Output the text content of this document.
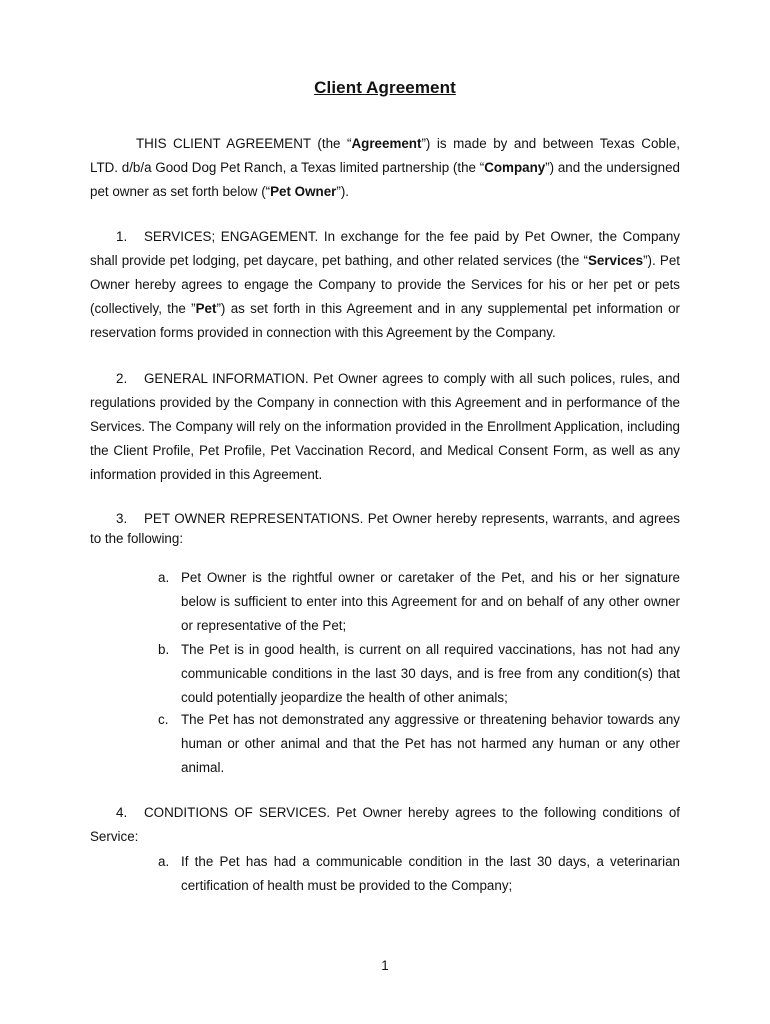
Client Agreement
THIS CLIENT AGREEMENT (the “Agreement”) is made by and between Texas Coble, LTD. d/b/a Good Dog Pet Ranch, a Texas limited partnership (the “Company”) and the undersigned pet owner as set forth below (“Pet Owner”).
1. SERVICES; ENGAGEMENT. In exchange for the fee paid by Pet Owner, the Company shall provide pet lodging, pet daycare, pet bathing, and other related services (the “Services”). Pet Owner hereby agrees to engage the Company to provide the Services for his or her pet or pets (collectively, the ”Pet”) as set forth in this Agreement and in any supplemental pet information or reservation forms provided in connection with this Agreement by the Company.
2. GENERAL INFORMATION. Pet Owner agrees to comply with all such polices, rules, and regulations provided by the Company in connection with this Agreement and in performance of the Services. The Company will rely on the information provided in the Enrollment Application, including the Client Profile, Pet Profile, Pet Vaccination Record, and Medical Consent Form, as well as any information provided in this Agreement.
3. PET OWNER REPRESENTATIONS. Pet Owner hereby represents, warrants, and agrees to the following:
a. Pet Owner is the rightful owner or caretaker of the Pet, and his or her signature below is sufficient to enter into this Agreement for and on behalf of any other owner or representative of the Pet;
b. The Pet is in good health, is current on all required vaccinations, has not had any communicable conditions in the last 30 days, and is free from any condition(s) that could potentially jeopardize the health of other animals;
c. The Pet has not demonstrated any aggressive or threatening behavior towards any human or other animal and that the Pet has not harmed any human or any other animal.
4. CONDITIONS OF SERVICES. Pet Owner hereby agrees to the following conditions of Service:
a. If the Pet has had a communicable condition in the last 30 days, a veterinarian certification of health must be provided to the Company;
1
